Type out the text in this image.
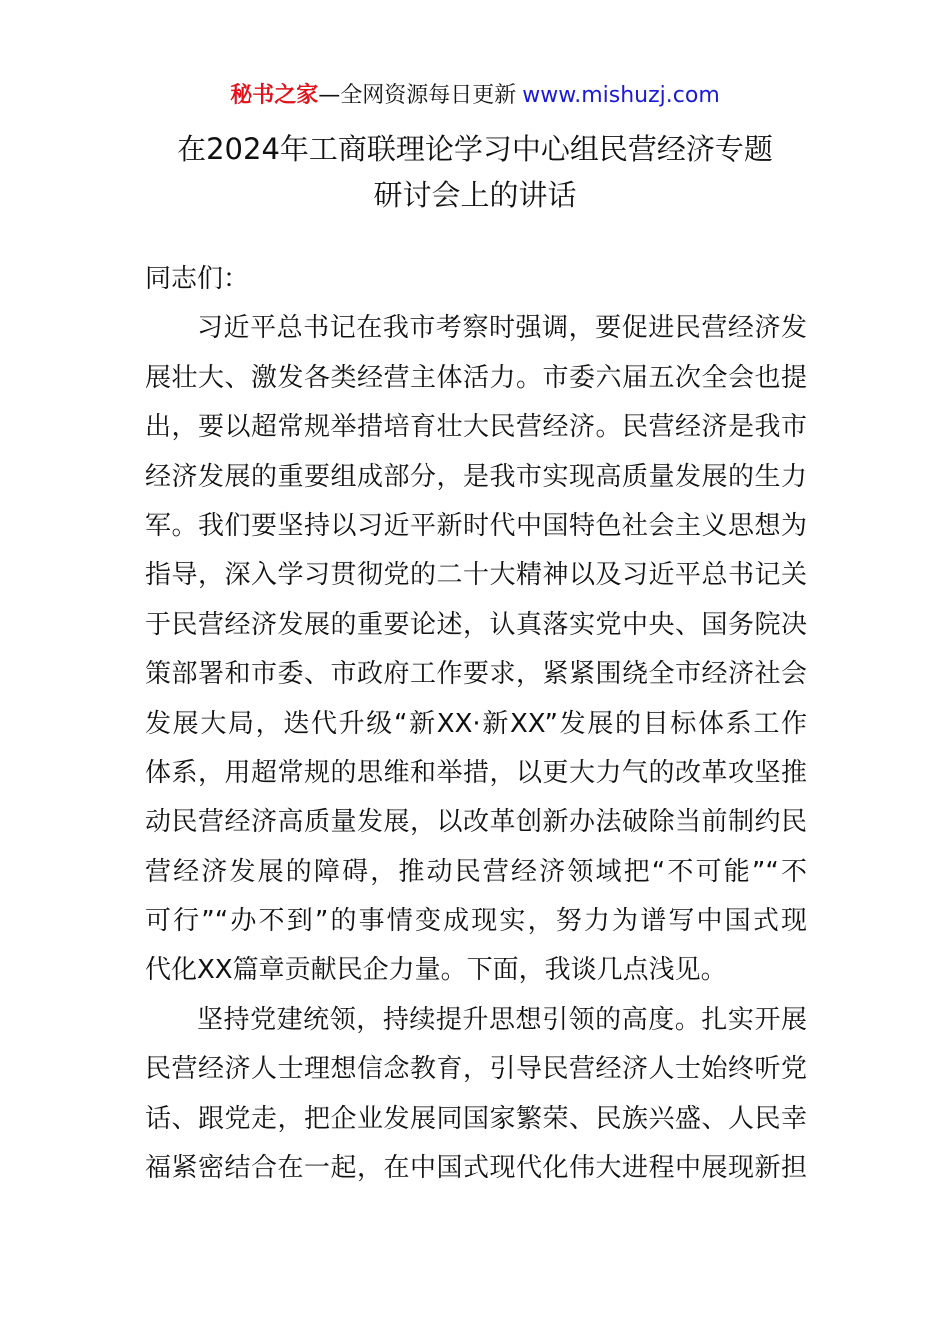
秘书之家—全网资源每日更新 www.mishuzj.com
在2024年工商联理论学习中心组民营经济专题
研讨会上的讲话
同志们：
习近平总书记在我市考察时强调，要促进民营经济发
展壮大、激发各类经营主体活力。市委六届五次全会也提
出，要以超常规举措培育壮大民营经济。民营经济是我市
经济发展的重要组成部分，是我市实现高质量发展的生力
军。我们要坚持以习近平新时代中国特色社会主义思想为
指导，深入学习贯彻党的二十大精神以及习近平总书记关
于民营经济发展的重要论述，认真落实党中央、国务院决
策部署和市委、市政府工作要求，紧紧围绕全市经济社会
发展大局，迭代升级“新XX·新XX”发展的目标体系工作
体系，用超常规的思维和举措，以更大力气的改革攻坚推
动民营经济高质量发展，以改革创新办法破除当前制约民
营经济发展的障碍，推动民营经济领域把“不可能”“不
可行”“办不到”的事情变成现实，努力为谱写中国式现
代化XX篇章贡献民企力量。下面，我谈几点浅见。
坚持党建统领，持续提升思想引领的高度。扎实开展
民营经济人士理想信念教育，引导民营经济人士始终听党
话、跟党走，把企业发展同国家繁荣、民族兴盛、人民幸
福紧密结合在一起，在中国式现代化伟大进程中展现新担
